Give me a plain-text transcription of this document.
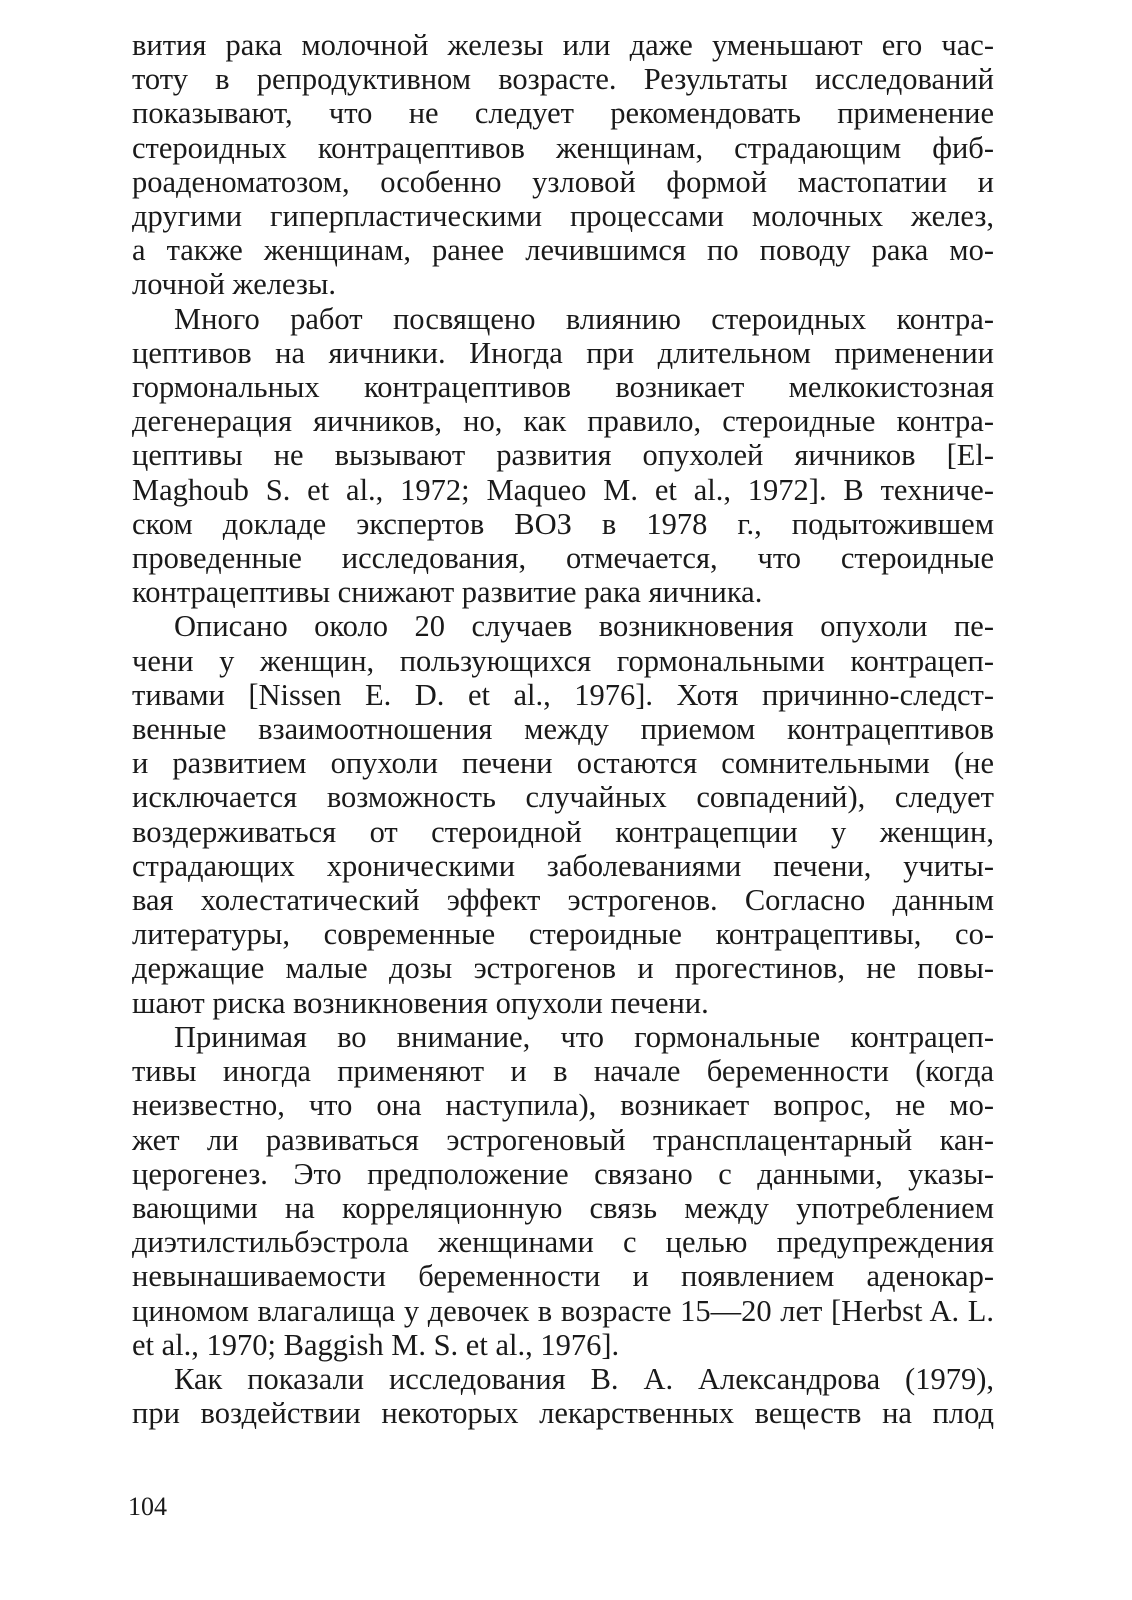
вития рака молочной железы или даже уменьшают его час-
тоту в репродуктивном возрасте. Результаты исследований
показывают, что не следует рекомендовать применение
стероидных контрацептивов женщинам, страдающим фиб-
роаденоматозом, особенно узловой формой мастопатии и
другими гиперпластическими процессами молочных желез,
а также женщинам, ранее лечившимся по поводу рака мо-
лочной железы.

Много работ посвящено влиянию стероидных контра-
цептивов на яичники. Иногда при длительном применении
гормональных контрацептивов возникает мелкокистозная
дегенерация яичников, но, как правило, стероидные контра-
цептивы не вызывают развития опухолей яичников [El-
Maghoub S. et al., 1972; Maqueo M. et al., 1972]. В техниче-
ском докладе экспертов ВОЗ в 1978 г., подытожившем
проведенные исследования, отмечается, что стероидные
контрацептивы снижают развитие рака яичника.

Описано около 20 случаев возникновения опухоли пе-
чени у женщин, пользующихся гормональными контрацеп-
тивами [Nissen E. D. et al., 1976]. Хотя причинно-следст-
венные взаимоотношения между приемом контрацептивов
и развитием опухоли печени остаются сомнительными (не
исключается возможность случайных совпадений), следует
воздерживаться от стероидной контрацепции у женщин,
страдающих хроническими заболеваниями печени, учиты-
вая холестатический эффект эстрогенов. Согласно данным
литературы, современные стероидные контрацептивы, со-
держащие малые дозы эстрогенов и прогестинов, не повы-
шают риска возникновения опухоли печени.

Принимая во внимание, что гормональные контрацеп-
тивы иногда применяют и в начале беременности (когда
неизвестно, что она наступила), возникает вопрос, не мо-
жет ли развиваться эстрогеновый трансплацентарный кан-
церогенез. Это предположение связано с данными, указы-
вающими на корреляционную связь между употреблением
диэтилстильбэстрола женщинами с целью предупреждения
невынашиваемости беременности и появлением аденокар-
циномом влагалища у девочек в возрасте 15—20 лет [Herbst A. L.
et al., 1970; Baggish M. S. et al., 1976].

Как показали исследования В. А. Александрова (1979),
при воздействии некоторых лекарственных веществ на плод

104
